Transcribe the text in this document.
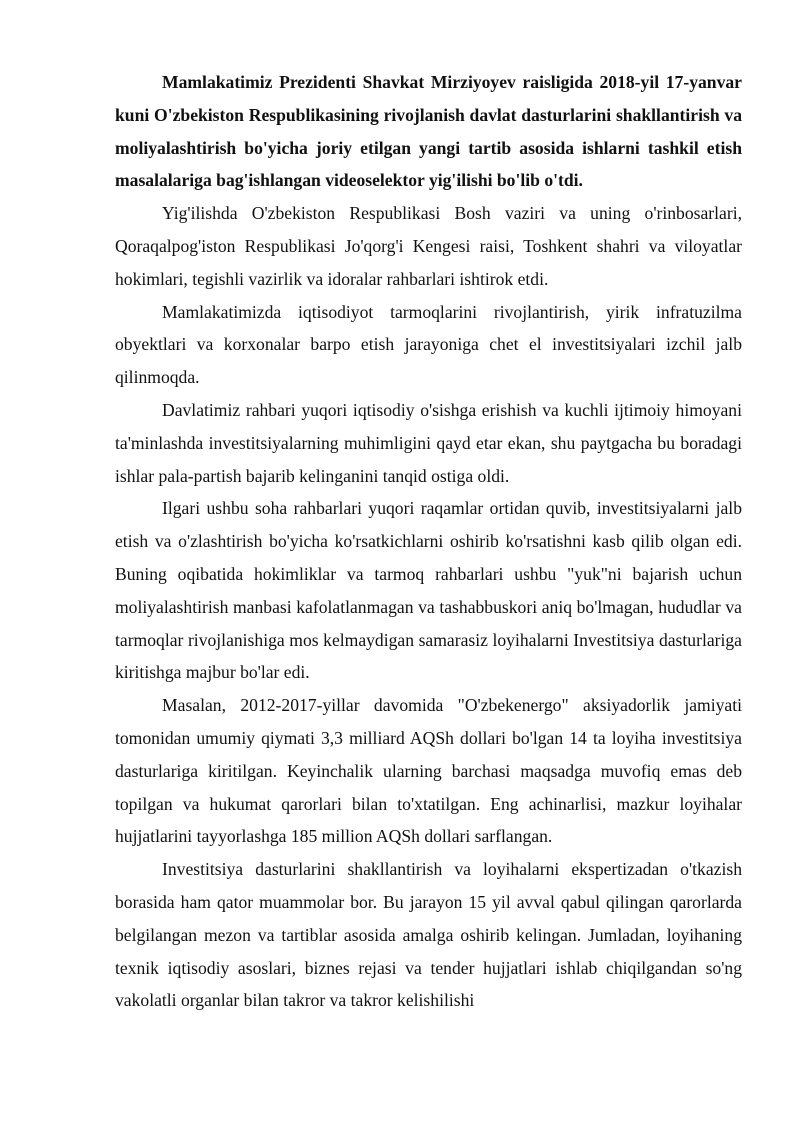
Mamlakatimiz Prezidenti Shavkat Mirziyoyev raisligida 2018-yil 17-yanvar kuni O'zbekiston Respublikasining rivojlanish davlat dasturlarini shakllantirish va moliyalashtirish bo'yicha joriy etilgan yangi tartib asosida ishlarni tashkil etish masalalariga bag'ishlangan videoselektor yig'ilishi bo'lib o'tdi.

Yig'ilishda O'zbekiston Respublikasi Bosh vaziri va uning o'rinbosarlari, Qoraqalpog'iston Respublikasi Jo'qorg'i Kengesi raisi, Toshkent shahri va viloyatlar hokimlari, tegishli vazirlik va idoralar rahbarlari ishtirok etdi.

Mamlakatimizda iqtisodiyot tarmoqlarini rivojlantirish, yirik infratuzilma obyektlari va korxonalar barpo etish jarayoniga chet el investitsiyalari izchil jalb qilinmoqda.

Davlatimiz rahbari yuqori iqtisodiy o'sishga erishish va kuchli ijtimoiy himoyani ta'minlashda investitsiyalarning muhimligini qayd etar ekan, shu paytgacha bu boradagi ishlar pala-partish bajarib kelinganini tanqid ostiga oldi.

Ilgari ushbu soha rahbarlari yuqori raqamlar ortidan quvib, investitsiyalarni jalb etish va o'zlashtirish bo'yicha ko'rsatkichlarni oshirib ko'rsatishni kasb qilib olgan edi. Buning oqibatida hokimliklar va tarmoq rahbarlari ushbu "yuk"ni bajarish uchun moliyalashtirish manbasi kafolatlanmagan va tashabbuskori aniq bo'lmagan, hududlar va tarmoqlar rivojlanishiga mos kelmaydigan samarasiz loyihalarni Investitsiya dasturlariga kiritishga majbur bo'lar edi.

Masalan, 2012-2017-yillar davomida "O'zbekenergo" aksiyadorlik jamiyati tomonidan umumiy qiymati 3,3 milliard AQSh dollari bo'lgan 14 ta loyiha investitsiya dasturlariga kiritilgan. Keyinchalik ularning barchasi maqsadga muvofiq emas deb topilgan va hukumat qarorlari bilan to'xtatilgan. Eng achinarlisi, mazkur loyihalar hujjatlarini tayyorlashga 185 million AQSh dollari sarflangan.

Investitsiya dasturlarini shakllantirish va loyihalarni ekspertizadan o'tkazish borasida ham qator muammolar bor. Bu jarayon 15 yil avval qabul qilingan qarorlarda belgilangan mezon va tartiblar asosida amalga oshirib kelingan. Jumladan, loyihaning texnik iqtisodiy asoslari, biznes rejasi va tender hujjatlari ishlab chiqilgandan so'ng vakolatli organlar bilan takror va takror kelishilishi
